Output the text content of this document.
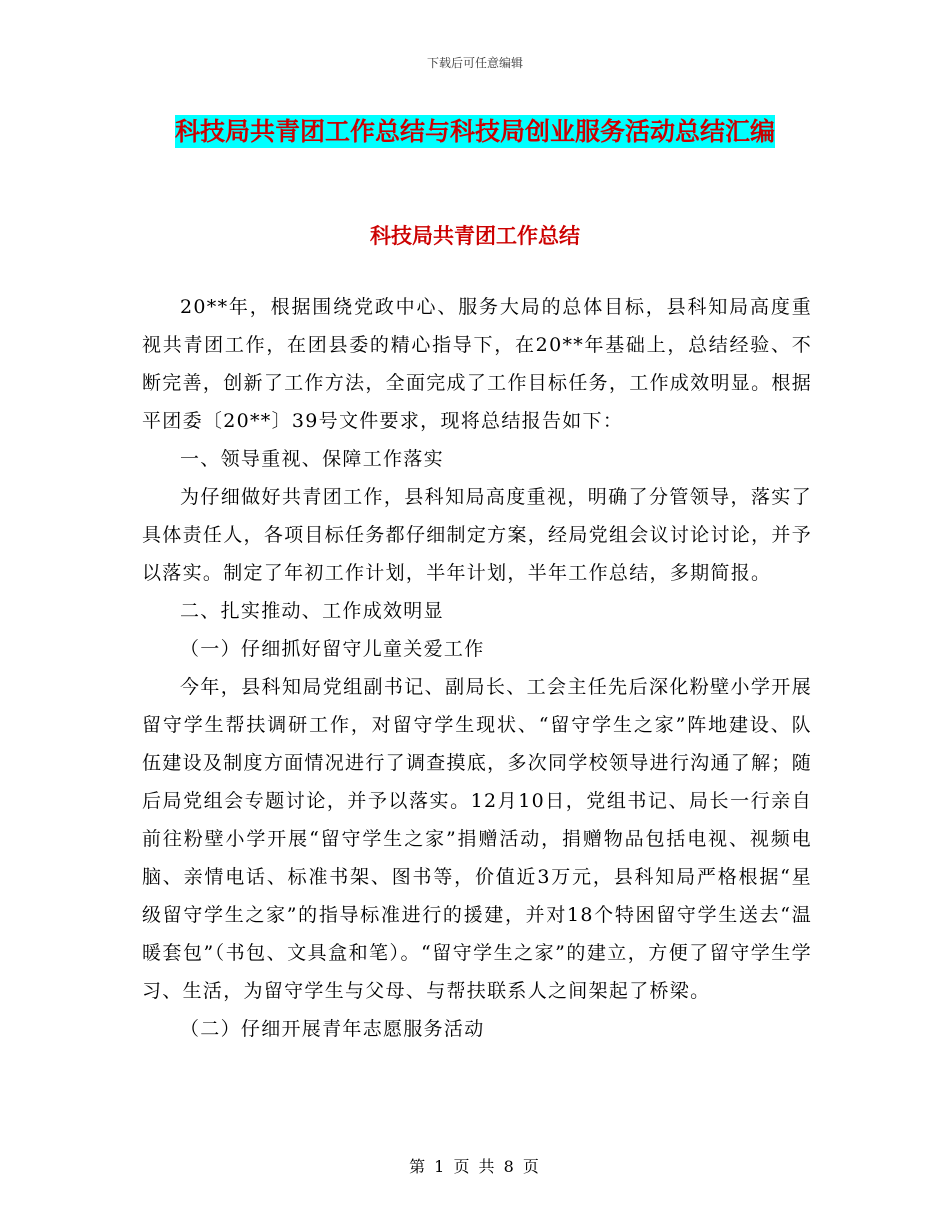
下载后可任意编辑
科技局共青团工作总结与科技局创业服务活动总结汇编
科技局共青团工作总结

20**年，根据围绕党政中心、服务大局的总体目标，县科知局高度重视共青团工作，在团县委的精心指导下，在20**年基础上，总结经验、不断完善，创新了工作方法，全面完成了工作目标任务，工作成效明显。根据平团委〔20**〕39号文件要求，现将总结报告如下：

一、领导重视、保障工作落实

为仔细做好共青团工作，县科知局高度重视，明确了分管领导，落实了具体责任人，各项目标任务都仔细制定方案，经局党组会议讨论讨论，并予以落实。制定了年初工作计划，半年计划，半年工作总结，多期简报。

二、扎实推动、工作成效明显

（一）仔细抓好留守儿童关爱工作

今年，县科知局党组副书记、副局长、工会主任先后深化粉壁小学开展留守学生帮扶调研工作，对留守学生现状、“留守学生之家”阵地建设、队伍建设及制度方面情况进行了调查摸底，多次同学校领导进行沟通了解；随后局党组会专题讨论，并予以落实。12月10日，党组书记、局长一行亲自前往粉壁小学开展“留守学生之家”捐赠活动，捐赠物品包括电视、视频电脑、亲情电话、标准书架、图书等，价值近3万元，县科知局严格根据“星级留守学生之家”的指导标准进行的援建，并对18个特困留守学生送去“温暖套包”（书包、文具盒和笔）。“留守学生之家”的建立，方便了留守学生学习、生活，为留守学生与父母、与帮扶联系人之间架起了桥梁。

（二）仔细开展青年志愿服务活动

第 1 页 共 8 页
